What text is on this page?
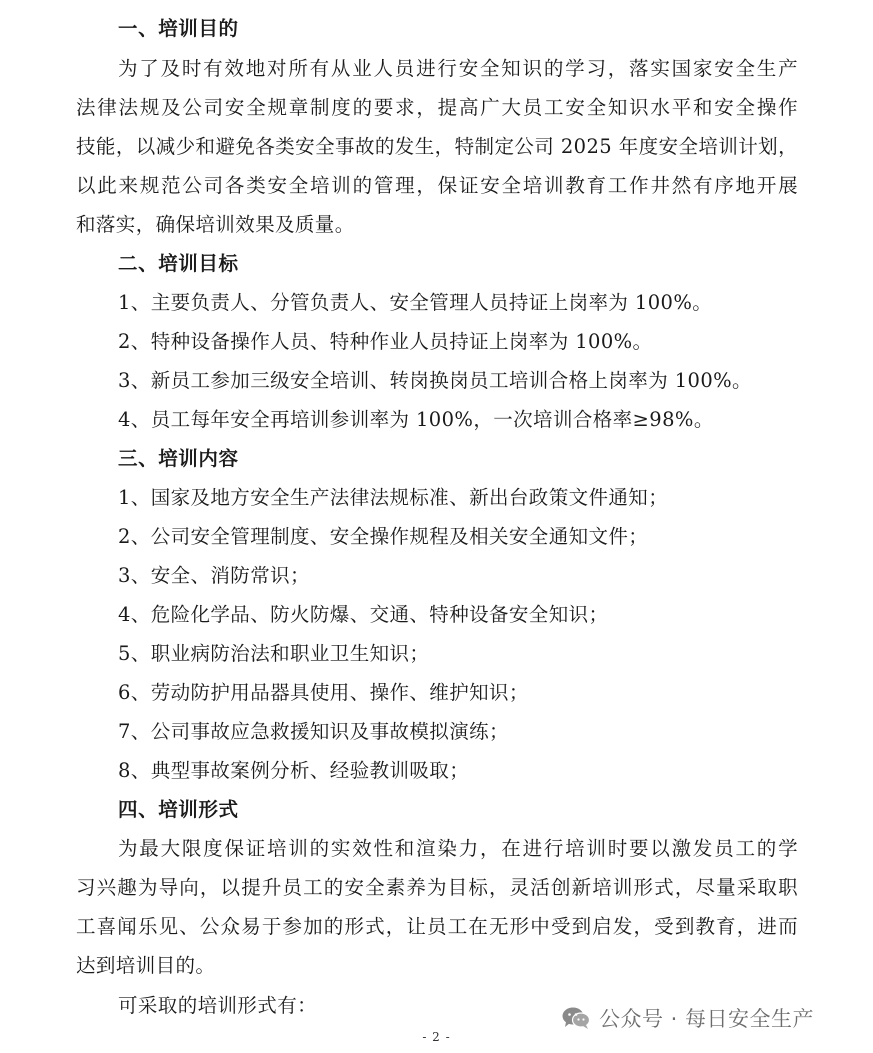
一、培训目的
为了及时有效地对所有从业人员进行安全知识的学习，落实国家安全生产
法律法规及公司安全规章制度的要求，提高广大员工安全知识水平和安全操作
技能，以减少和避免各类安全事故的发生，特制定公司 2025 年度安全培训计划，
以此来规范公司各类安全培训的管理，保证安全培训教育工作井然有序地开展
和落实，确保培训效果及质量。
二、培训目标
1、主要负责人、分管负责人、安全管理人员持证上岗率为 100%。
2、特种设备操作人员、特种作业人员持证上岗率为 100%。
3、新员工参加三级安全培训、转岗换岗员工培训合格上岗率为 100%。
4、员工每年安全再培训参训率为 100%，一次培训合格率≥98%。
三、培训内容
1、国家及地方安全生产法律法规标准、新出台政策文件通知；
2、公司安全管理制度、安全操作规程及相关安全通知文件；
3、安全、消防常识；
4、危险化学品、防火防爆、交通、特种设备安全知识；
5、职业病防治法和职业卫生知识；
6、劳动防护用品器具使用、操作、维护知识；
7、公司事故应急救援知识及事故模拟演练；
8、典型事故案例分析、经验教训吸取；
四、培训形式
为最大限度保证培训的实效性和渲染力，在进行培训时要以激发员工的学
习兴趣为导向，以提升员工的安全素养为目标，灵活创新培训形式，尽量采取职
工喜闻乐见、公众易于参加的形式，让员工在无形中受到启发，受到教育，进而
达到培训目的。
可采取的培训形式有：
- 2 -
公众号 · 每日安全生产
